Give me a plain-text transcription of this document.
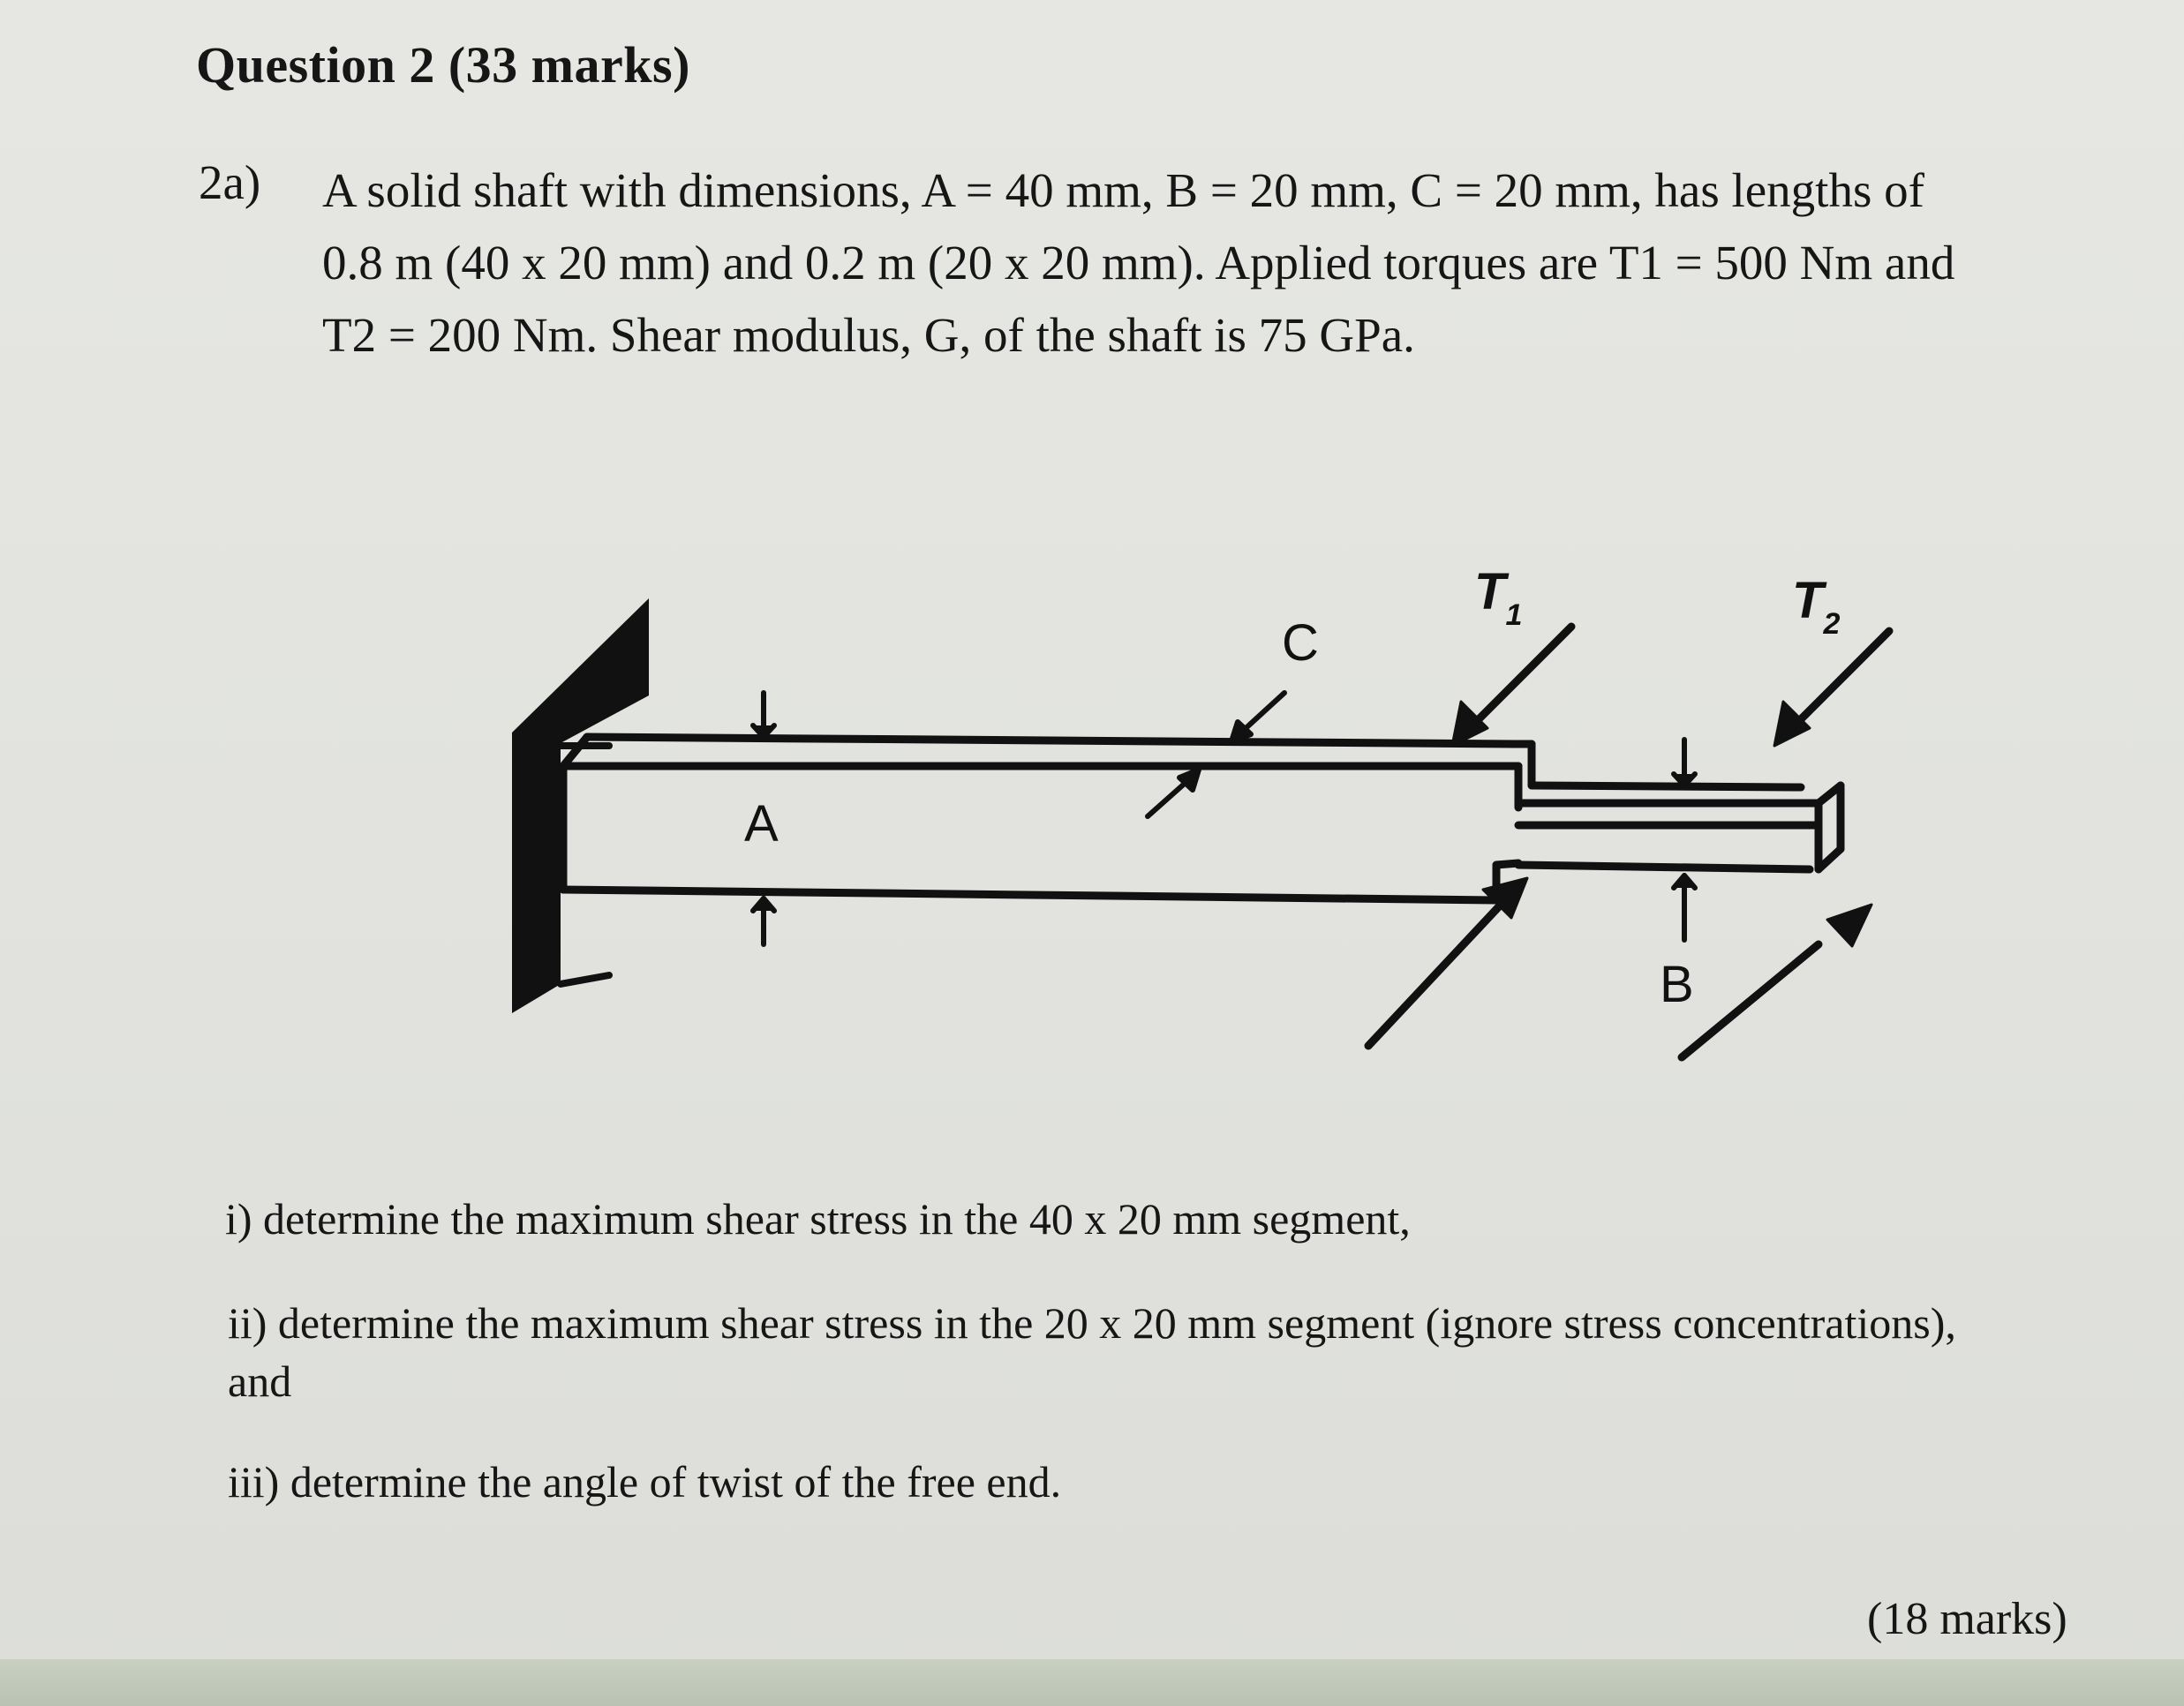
Question 2 (33 marks)
2a) A solid shaft with dimensions, A = 40 mm, B = 20 mm, C = 20 mm, has lengths of
0.8 m (40 x 20 mm) and 0.2 m (20 x 20 mm). Applied torques are T1 = 500 Nm and
T2 = 200 Nm. Shear modulus, G, of the shaft is 75 GPa.
A
B
C
$T_1$	$T_2$
i) determine the maximum shear stress in the 40 x 20 mm segment,
ii) determine the maximum shear stress in the 20 x 20 mm segment (ignore stress concentrations),
and
iii) determine the angle of twist of the free end.
(18 marks)
